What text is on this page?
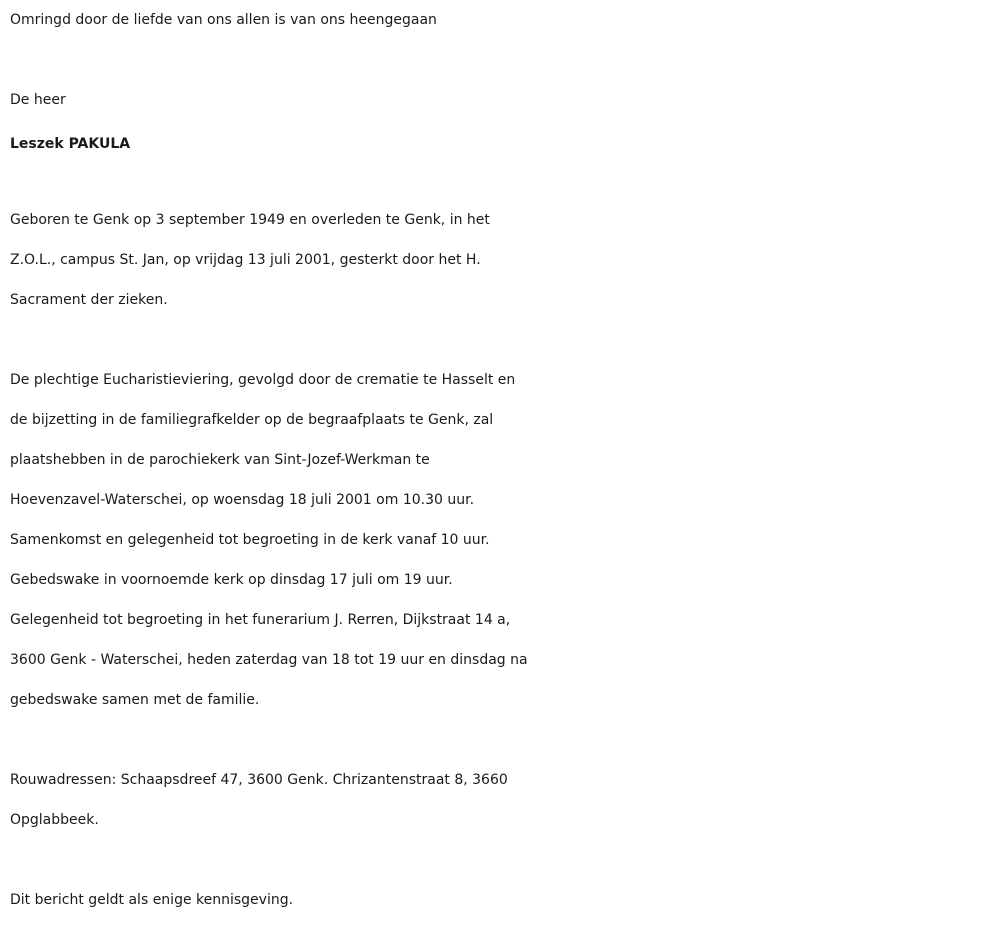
Omringd door de liefde van ons allen is van ons heengegaan
De heer
Leszek PAKULA
Geboren te Genk op 3 september 1949 en overleden te Genk, in het
Z.O.L., campus St. Jan, op vrijdag 13 juli 2001, gesterkt door het H.
Sacrament der zieken.
De plechtige Eucharistieviering, gevolgd door de crematie te Hasselt en
de bijzetting in de familiegrafkelder op de begraafplaats te Genk, zal
plaatshebben in de parochiekerk van Sint-Jozef-Werkman te
Hoevenzavel-Waterschei, op woensdag 18 juli 2001 om 10.30 uur.
Samenkomst en gelegenheid tot begroeting in de kerk vanaf 10 uur.
Gebedswake in voornoemde kerk op dinsdag 17 juli om 19 uur.
Gelegenheid tot begroeting in het funerarium J. Rerren, Dijkstraat 14 a,
3600 Genk - Waterschei, heden zaterdag van 18 tot 19 uur en dinsdag na
gebedswake samen met de familie.
Rouwadressen: Schaapsdreef 47, 3600 Genk. Chrizantenstraat 8, 3660
Opglabbeek.
Dit bericht geldt als enige kennisgeving.
